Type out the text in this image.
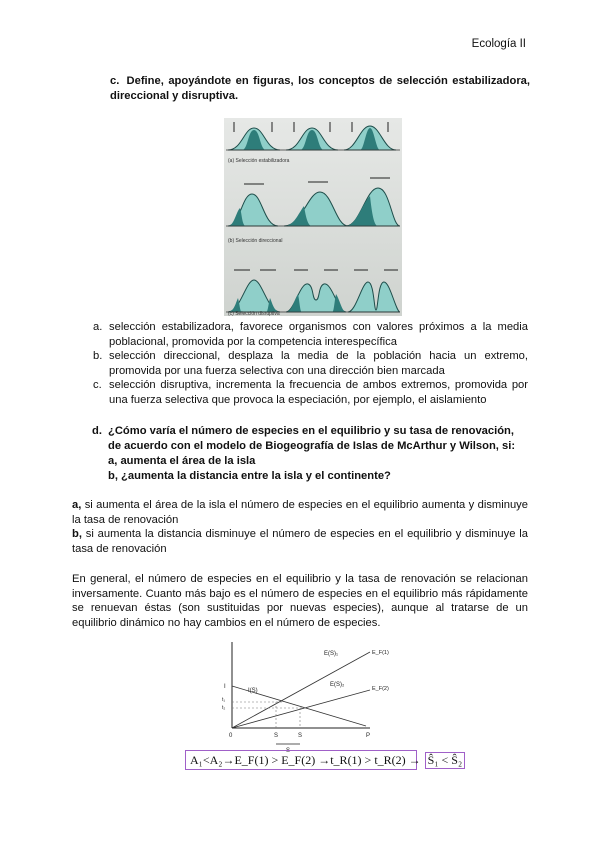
Ecología II
c. Define, apoyándote en figuras, los conceptos de selección estabilizadora, direccional y disruptiva.
(a) Selección estabilizadora
(b) Selección direccional
(c) Selección disruptiva
a. selección estabilizadora, favorece organismos con valores próximos a la media poblacional, promovida por la competencia interespecífica
b. selección direccional, desplaza la media de la población hacia un extremo, promovida por una fuerza selectiva con una dirección bien marcada
c. selección disruptiva, incrementa la frecuencia de ambos extremos, promovida por una fuerza selectiva que provoca la especiación, por ejemplo, el aislamiento
d. ¿Cómo varía el número de especies en el equilibrio y su tasa de renovación, de acuerdo con el modelo de Biogeografía de Islas de McArthur y Wilson, si:
a, aumenta el área de la isla
b, ¿aumenta la distancia entre la isla y el continente?
a, si aumenta el área de la isla el número de especies en el equilibrio aumenta y disminuye la tasa de renovación
b, si aumenta la distancia disminuye el número de especies en el equilibrio y disminuye la tasa de renovación
En general, el número de especies en el equilibrio y la tasa de renovación se relacionan inversamente. Cuanto más bajo es el número de especies en el equilibrio más rápidamente se renuevan éstas (son sustituidas por nuevas especies), aunque al tratarse de un equilibrio dinámico no hay cambios en el número de especies.
I
I(S)
E(S)₁	E_F(1)
E(S)₂
E_F(2)
t₁
t₂
0	S	S	P
S
A₁<A₂→E_F(1) > E_F(2) →t_R(1) > t_R(2) → Ŝ₁ < Ŝ₂
